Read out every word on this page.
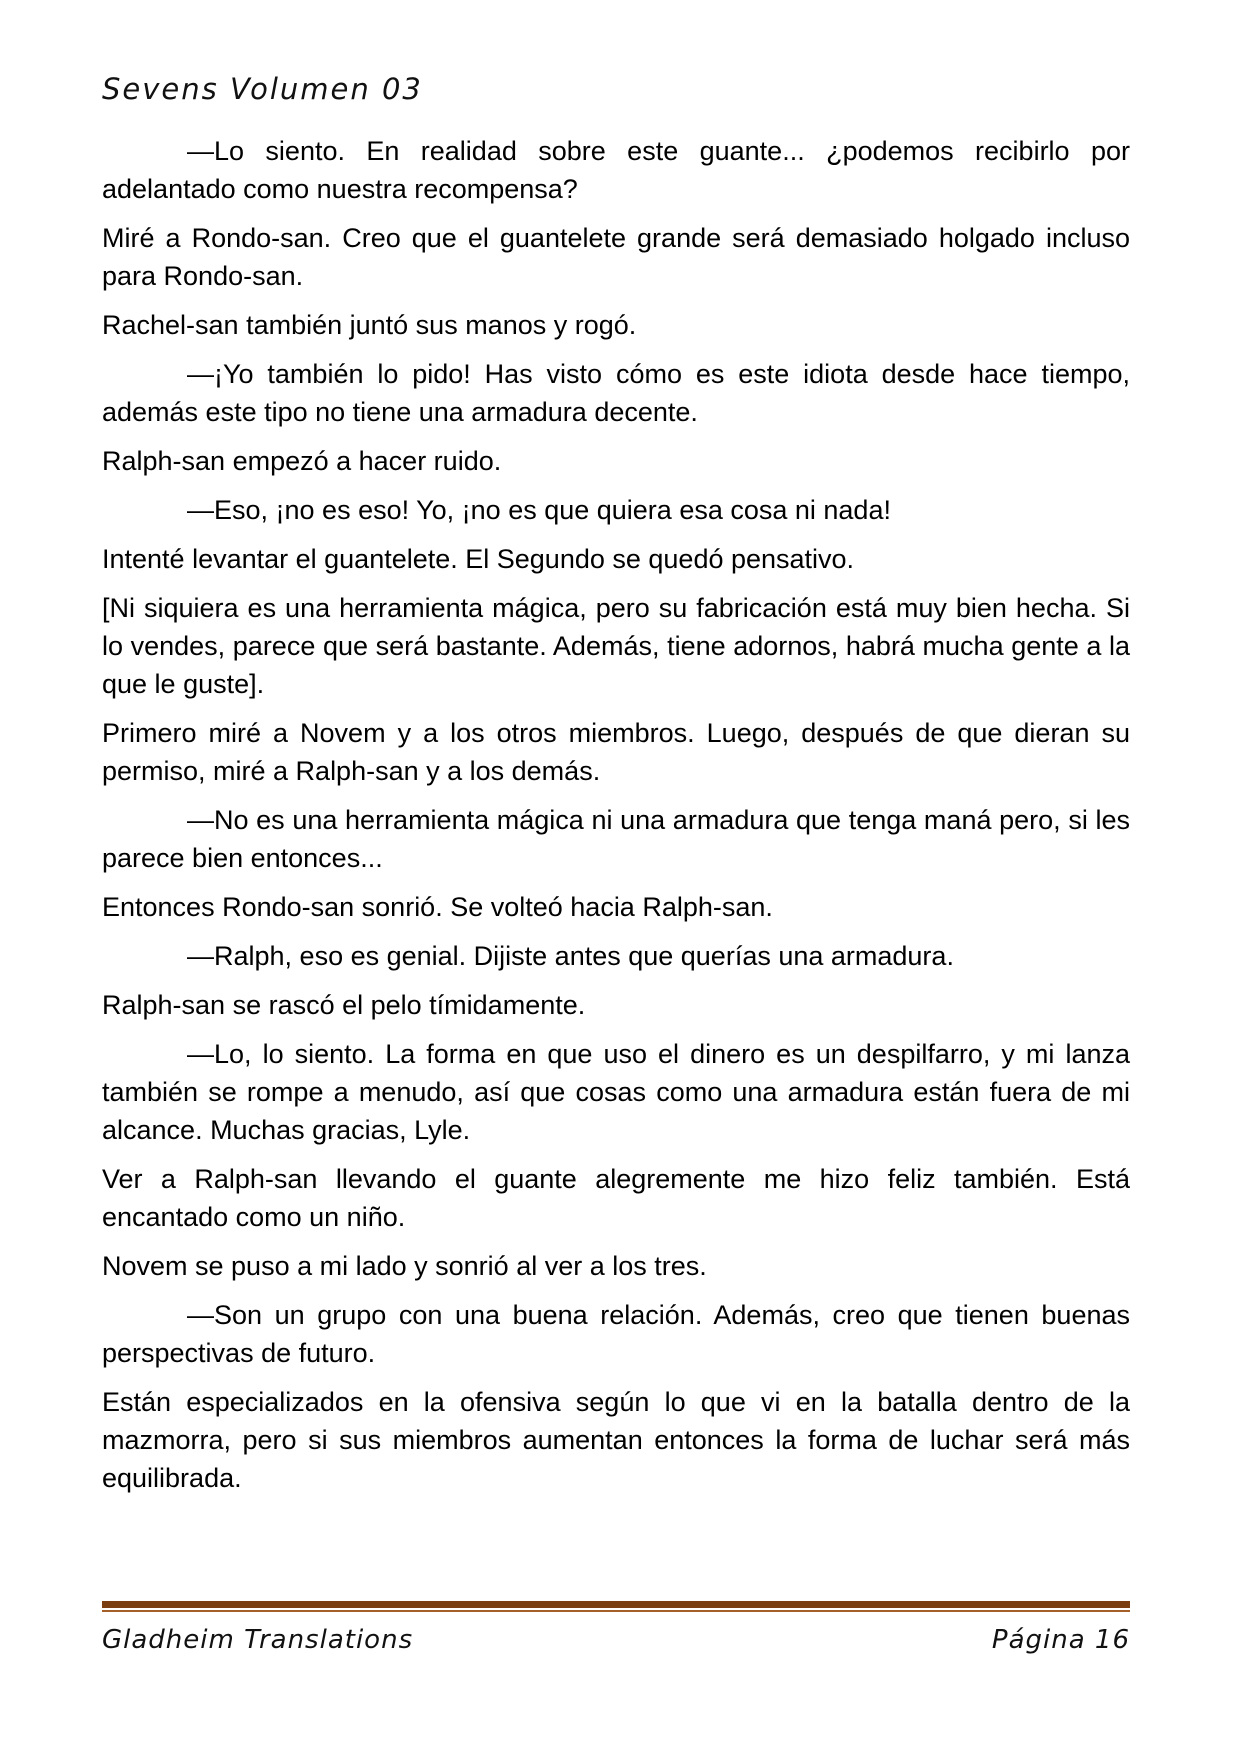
Sevens Volumen 03

—Lo siento. En realidad sobre este guante... ¿podemos recibirlo por adelantado como nuestra recompensa?

Miré a Rondo-san. Creo que el guantelete grande será demasiado holgado incluso para Rondo-san.

Rachel-san también juntó sus manos y rogó.

—¡Yo también lo pido! Has visto cómo es este idiota desde hace tiempo, además este tipo no tiene una armadura decente.

Ralph-san empezó a hacer ruido.

—Eso, ¡no es eso! Yo, ¡no es que quiera esa cosa ni nada!

Intenté levantar el guantelete. El Segundo se quedó pensativo.

[Ni siquiera es una herramienta mágica, pero su fabricación está muy bien hecha. Si lo vendes, parece que será bastante. Además, tiene adornos, habrá mucha gente a la que le guste].

Primero miré a Novem y a los otros miembros. Luego, después de que dieran su permiso, miré a Ralph-san y a los demás.

—No es una herramienta mágica ni una armadura que tenga maná pero, si les parece bien entonces...

Entonces Rondo-san sonrió. Se volteó hacia Ralph-san.

—Ralph, eso es genial. Dijiste antes que querías una armadura.

Ralph-san se rascó el pelo tímidamente.

—Lo, lo siento. La forma en que uso el dinero es un despilfarro, y mi lanza también se rompe a menudo, así que cosas como una armadura están fuera de mi alcance. Muchas gracias, Lyle.

Ver a Ralph-san llevando el guante alegremente me hizo feliz también. Está encantado como un niño.

Novem se puso a mi lado y sonrió al ver a los tres.

—Son un grupo con una buena relación. Además, creo que tienen buenas perspectivas de futuro.

Están especializados en la ofensiva según lo que vi en la batalla dentro de la mazmorra, pero si sus miembros aumentan entonces la forma de luchar será más equilibrada.

Gladheim Translations	Página 16
